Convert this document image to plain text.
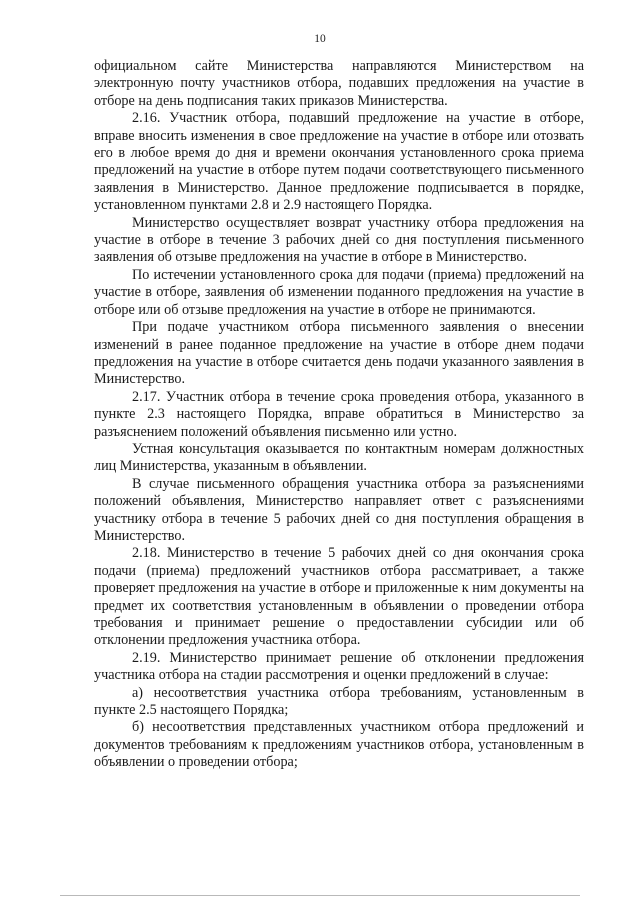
10

официальном сайте Министерства направляются Министерством на электронную почту участников отбора, подавших предложения на участие в отборе на день подписания таких приказов Министерства.

2.16. Участник отбора, подавший предложение на участие в отборе, вправе вносить изменения в свое предложение на участие в отборе или отозвать его в любое время до дня и времени окончания установленного срока приема предложений на участие в отборе путем подачи соответствующего письменного заявления в Министерство. Данное предложение подписывается в порядке, установленном пунктами 2.8 и 2.9 настоящего Порядка.

Министерство осуществляет возврат участнику отбора предложения на участие в отборе в течение 3 рабочих дней со дня поступления письменного заявления об отзыве предложения на участие в отборе в Министерство.

По истечении установленного срока для подачи (приема) предложений на участие в отборе, заявления об изменении поданного предложения на участие в отборе или об отзыве предложения на участие в отборе не принимаются.

При подаче участником отбора письменного заявления о внесении изменений в ранее поданное предложение на участие в отборе днем подачи предложения на участие в отборе считается день подачи указанного заявления в Министерство.

2.17. Участник отбора в течение срока проведения отбора, указанного в пункте 2.3 настоящего Порядка, вправе обратиться в Министерство за разъяснением положений объявления письменно или устно.

Устная консультация оказывается по контактным номерам должностных лиц Министерства, указанным в объявлении.

В случае письменного обращения участника отбора за разъяснениями положений объявления, Министерство направляет ответ с разъяснениями участнику отбора в течение 5 рабочих дней со дня поступления обращения в Министерство.

2.18. Министерство в течение 5 рабочих дней со дня окончания срока подачи (приема) предложений участников отбора рассматривает, а также проверяет предложения на участие в отборе и приложенные к ним документы на предмет их соответствия установленным в объявлении о проведении отбора требования и принимает решение о предоставлении субсидии или об отклонении предложения участника отбора.

2.19. Министерство принимает решение об отклонении предложения участника отбора на стадии рассмотрения и оценки предложений в случае:

а) несоответствия участника отбора требованиям, установленным в пункте 2.5 настоящего Порядка;

б) несоответствия представленных участником отбора предложений и документов требованиям к предложениям участников отбора, установленным в объявлении о проведении отбора;
